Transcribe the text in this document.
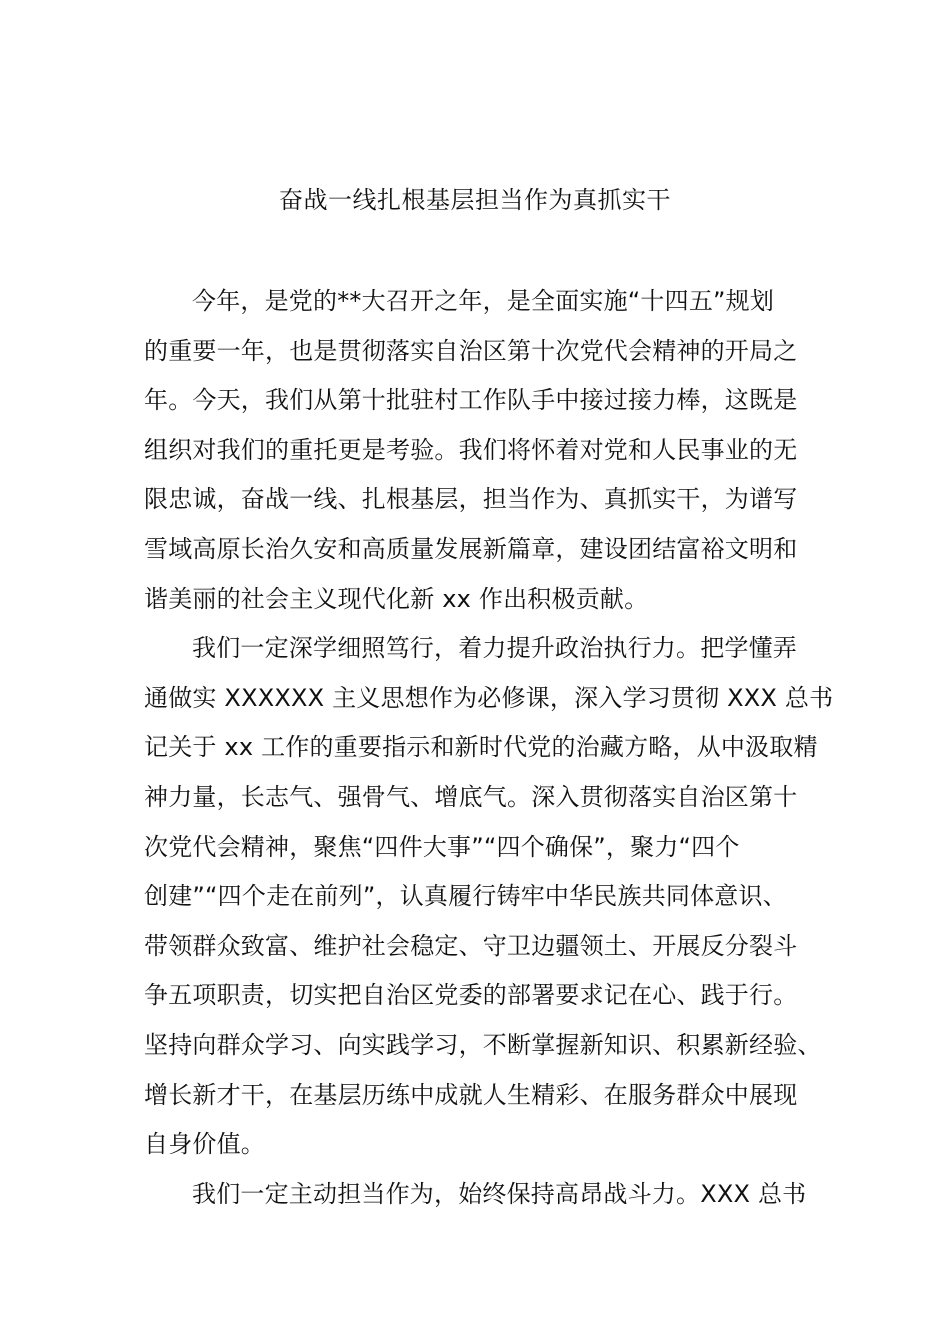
奋战一线扎根基层担当作为真抓实干
今年，是党的**大召开之年，是全面实施“十四五”规划
的重要一年，也是贯彻落实自治区第十次党代会精神的开局之
年。今天，我们从第十批驻村工作队手中接过接力棒，这既是
组织对我们的重托更是考验。我们将怀着对党和人民事业的无
限忠诚，奋战一线、扎根基层，担当作为、真抓实干，为谱写
雪域高原长治久安和高质量发展新篇章，建设团结富裕文明和
谐美丽的社会主义现代化新 xx 作出积极贡献。
我们一定深学细照笃行，着力提升政治执行力。把学懂弄
通做实 XXXXXX 主义思想作为必修课，深入学习贯彻 XXX 总书
记关于 xx 工作的重要指示和新时代党的治藏方略，从中汲取精
神力量，长志气、强骨气、增底气。深入贯彻落实自治区第十
次党代会精神，聚焦“四件大事”“四个确保”，聚力“四个
创建”“四个走在前列”，认真履行铸牢中华民族共同体意识、
带领群众致富、维护社会稳定、守卫边疆领土、开展反分裂斗
争五项职责，切实把自治区党委的部署要求记在心、践于行。
坚持向群众学习、向实践学习，不断掌握新知识、积累新经验、
增长新才干，在基层历练中成就人生精彩、在服务群众中展现
自身价值。
我们一定主动担当作为，始终保持高昂战斗力。XXX 总书
